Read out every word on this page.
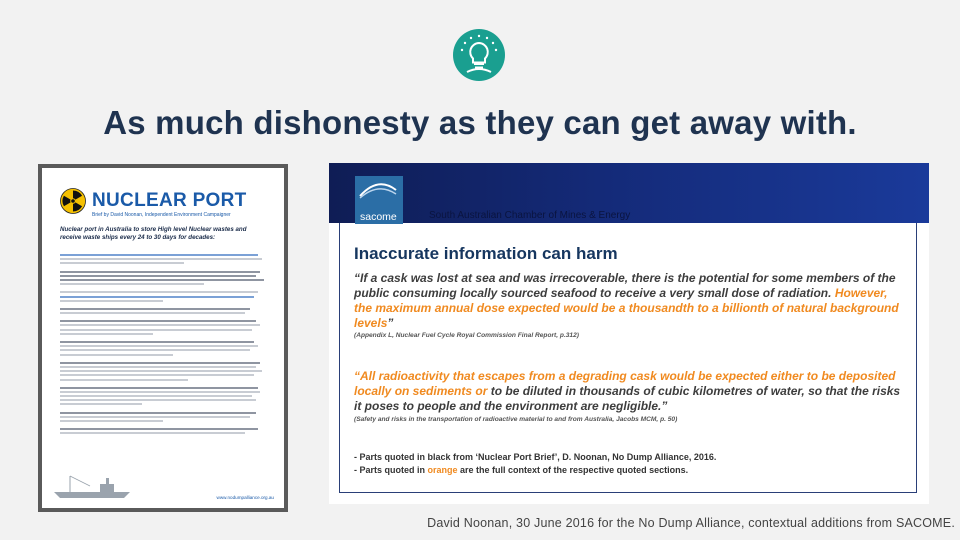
As much dishonesty as they can get away with.
NUCLEAR PORT
Brief by David Noonan, Independent Environment Campaigner
Nuclear port in Australia to store High level Nuclear wastes and receive waste ships every 24 to 30 days for decades:
www.nodumpalliance.org.au
sacome	South Australian Chamber of Mines & Energy
Inaccurate information can harm
“If a cask was lost at sea and was irrecoverable, there is the potential for some members of the public consuming locally sourced seafood to receive a very small dose of radiation. However, the maximum annual dose expected would be a thousandth to a billionth of natural background levels”
(Appendix L, Nuclear Fuel Cycle Royal Commission Final Report, p.312)
“All radioactivity that escapes from a degrading cask would be expected either to be deposited locally on sediments or to be diluted in thousands of cubic kilometres of water, so that the risks it poses to people and the environment are negligible.”
(Safety and risks in the transportation of radioactive material to and from Australia, Jacobs MCM, p. 50)
- Parts quoted in black from ‘Nuclear Port Brief’, D. Noonan, No Dump Alliance, 2016.
- Parts quoted in orange are the full context of the respective quoted sections.
David Noonan, 30 June 2016 for the No Dump Alliance, contextual additions from SACOME.
